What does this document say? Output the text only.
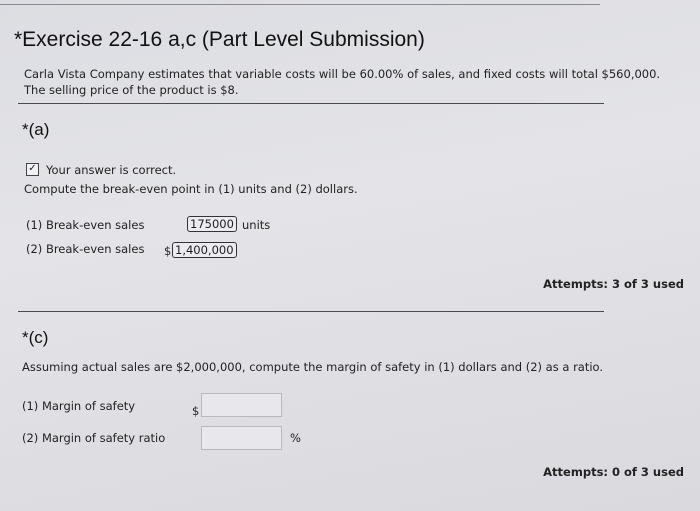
*Exercise 22-16 a,c (Part Level Submission)
Carla Vista Company estimates that variable costs will be 60.00% of sales, and fixed costs will total $560,000.
The selling price of the product is $8.
*(a)
✓ Your answer is correct.
Compute the break-even point in (1) units and (2) dollars.
(1) Break-even sales	175000 units
(2) Break-even sales $ 1,400,000
Attempts: 3 of 3 used
*(c)
Assuming actual sales are $2,000,000, compute the margin of safety in (1) dollars and (2) as a ratio.
(1) Margin of safety	$
(2) Margin of safety ratio	%
Attempts: 0 of 3 used
